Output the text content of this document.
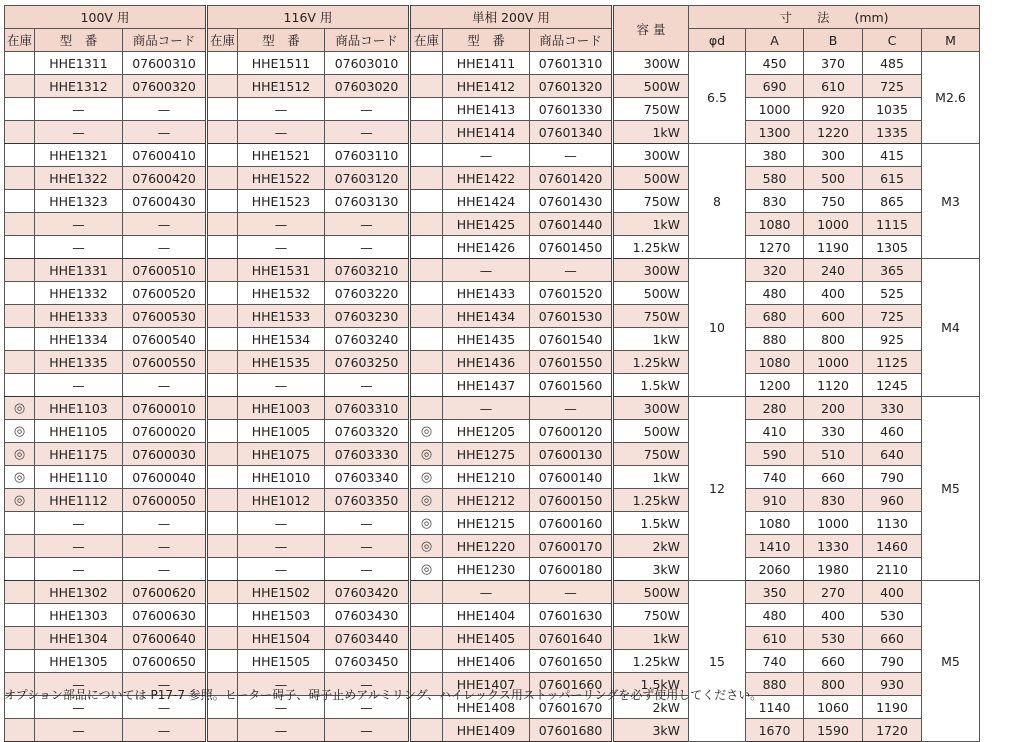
100V 用			116V 用			単相 200V 用			容 量	寸　　法　　(mm)				
在庫	型　番	商品コード	在庫	型　番	商品コード	在庫	型　番	商品コード		φd	A	B	C	M
	HHE1311	07600310		HHE1511	07603010		HHE1411	07601310	300W	6.5	450	370	485	M2.6
	HHE1312	07600320		HHE1512	07603020		HHE1412	07601320	500W		690	610	725	
	—	—		—	—		HHE1413	07601330	750W		1000	920	1035	
	—	—		—	—		HHE1414	07601340	1kW		1300	1220	1335	
	HHE1321	07600410		HHE1521	07603110		—	—	300W	8	380	300	415	M3
	HHE1322	07600420		HHE1522	07603120		HHE1422	07601420	500W		580	500	615	
	HHE1323	07600430		HHE1523	07603130		HHE1424	07601430	750W		830	750	865	
	—	—		—	—		HHE1425	07601440	1kW		1080	1000	1115	
	—	—		—	—		HHE1426	07601450	1.25kW		1270	1190	1305	
	HHE1331	07600510		HHE1531	07603210		—	—	300W	10	320	240	365	M4
	HHE1332	07600520		HHE1532	07603220		HHE1433	07601520	500W		480	400	525	
	HHE1333	07600530		HHE1533	07603230		HHE1434	07601530	750W		680	600	725	
	HHE1334	07600540		HHE1534	07603240		HHE1435	07601540	1kW		880	800	925	
	HHE1335	07600550		HHE1535	07603250		HHE1436	07601550	1.25kW		1080	1000	1125	
	—	—		—	—		HHE1437	07601560	1.5kW		1200	1120	1245	
◎	HHE1103	07600010		HHE1003	07603310		—	—	300W	12	280	200	330	M5
◎	HHE1105	07600020		HHE1005	07603320	◎	HHE1205	07600120	500W		410	330	460	
◎	HHE1175	07600030		HHE1075	07603330	◎	HHE1275	07600130	750W		590	510	640	
◎	HHE1110	07600040		HHE1010	07603340	◎	HHE1210	07600140	1kW		740	660	790	
◎	HHE1112	07600050		HHE1012	07603350	◎	HHE1212	07600150	1.25kW		910	830	960	
	—	—		—	—	◎	HHE1215	07600160	1.5kW		1080	1000	1130	
	—	—		—	—	◎	HHE1220	07600170	2kW		1410	1330	1460	
	—	—		—	—	◎	HHE1230	07600180	3kW		2060	1980	2110	
	HHE1302	07600620		HHE1502	07603420		—	—	500W	15	350	270	400	M5
	HHE1303	07600630		HHE1503	07603430		HHE1404	07601630	750W		480	400	530	
	HHE1304	07600640		HHE1504	07603440		HHE1405	07601640	1kW		610	530	660	
	HHE1305	07600650		HHE1505	07603450		HHE1406	07601650	1.25kW		740	660	790	
	—	—		—	—		HHE1407	07601660	1.5kW		880	800	930	
	—	—		—	—		HHE1408	07601670	2kW		1140	1060	1190	
	—	—		—	—		HHE1409	07601680	3kW		1670	1590	1720	
オプション部品については P17-7 参照。ヒーター碍子、碍子止めアルミリング、ハイレックス用ストッパーリングを必ず使用してください。
